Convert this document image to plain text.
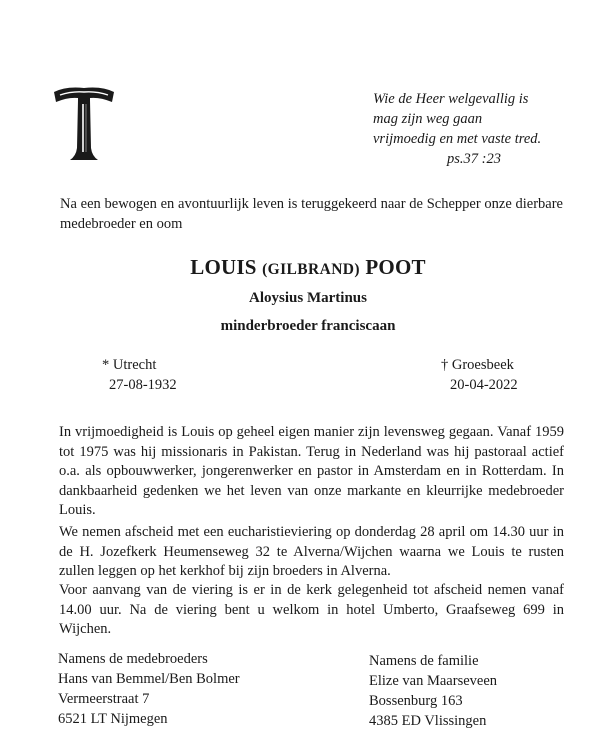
Wie de Heer welgevallig is
mag zijn weg gaan
vrijmoedig en met vaste tred.
ps.37 :23
Na een bewogen en avontuurlijk leven is teruggekeerd naar de Schepper onze dierbare medebroeder en oom
LOUIS (GILBRAND) POOT
Aloysius Martinus
minderbroeder franciscaan
* Utrecht
27-08-1932
† Groesbeek
20-04-2022
In vrijmoedigheid is Louis op geheel eigen manier zijn levensweg gegaan. Vanaf 1959 tot 1975 was hij missionaris in Pakistan. Terug in Nederland was hij pastoraal actief o.a. als opbouwwerker, jongerenwerker en pastor in Amsterdam en in Rotterdam. In dankbaarheid gedenken we het leven van onze markante en kleurrijke medebroeder Louis.
We nemen afscheid met een eucharistieviering op donderdag 28 april om 14.30 uur in de H. Jozefkerk Heumenseweg 32 te Alverna/Wijchen waarna we Louis te rusten zullen leggen op het kerkhof bij zijn broeders in Alverna.
Voor aanvang van de viering is er in de kerk gelegenheid tot afscheid nemen vanaf 14.00 uur. Na de viering bent u welkom in hotel Umberto, Graafseweg 699 in Wijchen.
Namens de medebroeders
Hans van Bemmel/Ben Bolmer
Vermeerstraat 7
6521 LT Nijmegen
Namens de familie
Elize van Maarseveen
Bossenburg 163
4385 ED Vlissingen
